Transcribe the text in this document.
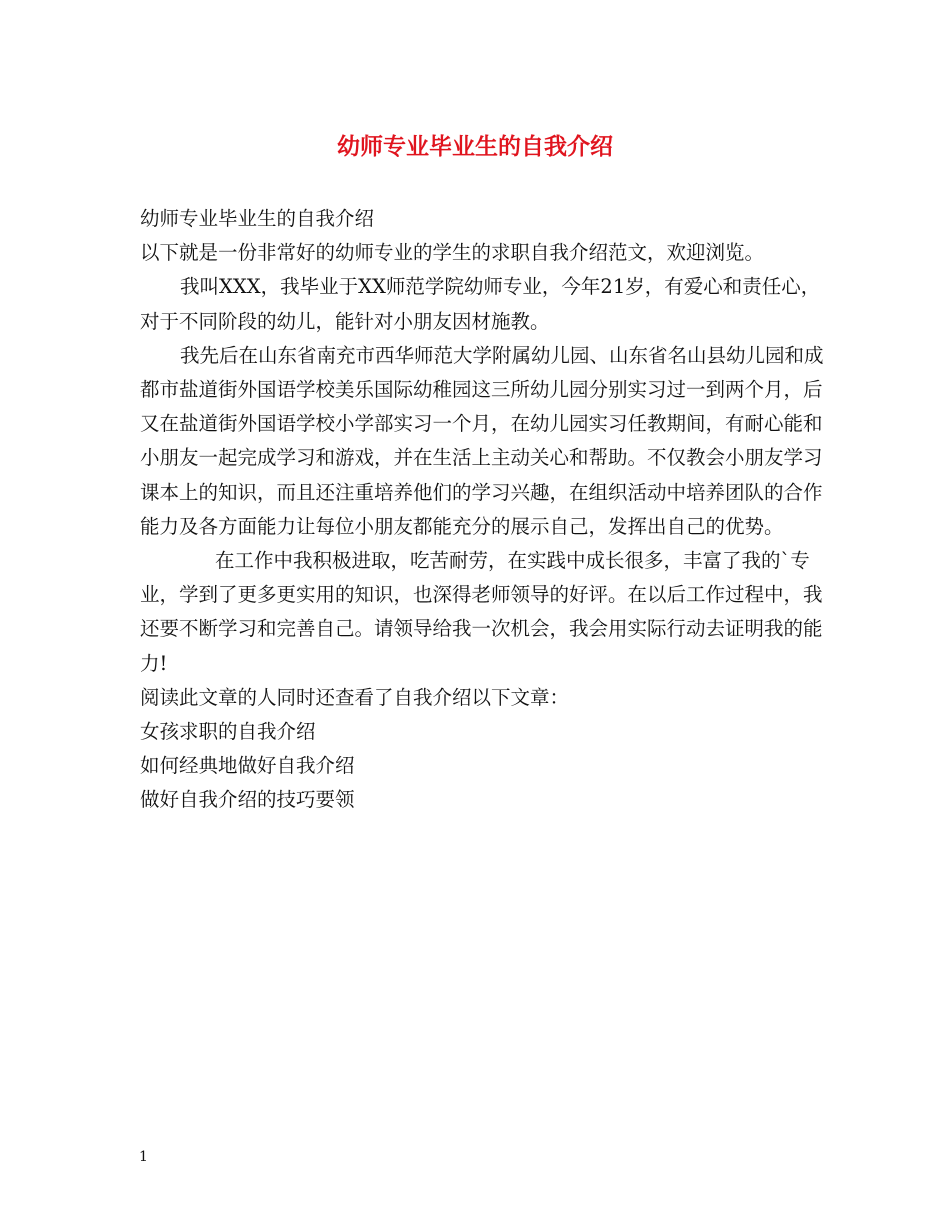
幼师专业毕业生的自我介绍

幼师专业毕业生的自我介绍

以下就是一份非常好的幼师专业的学生的求职自我介绍范文，欢迎浏览。

我叫XXX，我毕业于XX师范学院幼师专业，今年21岁，有爱心和责任心，对于不同阶段的幼儿，能针对小朋友因材施教。

我先后在山东省南充市西华师范大学附属幼儿园、山东省名山县幼儿园和成都市盐道街外国语学校美乐国际幼稚园这三所幼儿园分别实习过一到两个月，后又在盐道街外国语学校小学部实习一个月，在幼儿园实习任教期间，有耐心能和小朋友一起完成学习和游戏，并在生活上主动关心和帮助。不仅教会小朋友学习课本上的知识，而且还注重培养他们的学习兴趣，在组织活动中培养团队的合作能力及各方面能力让每位小朋友都能充分的展示自己，发挥出自己的优势。

在工作中我积极进取，吃苦耐劳，在实践中成长很多，丰富了我的`专业，学到了更多更实用的知识，也深得老师领导的好评。在以后工作过程中，我还要不断学习和完善自己。请领导给我一次机会，我会用实际行动去证明我的能力!

阅读此文章的人同时还查看了自我介绍以下文章：

女孩求职的自我介绍

如何经典地做好自我介绍

做好自我介绍的技巧要领

1
